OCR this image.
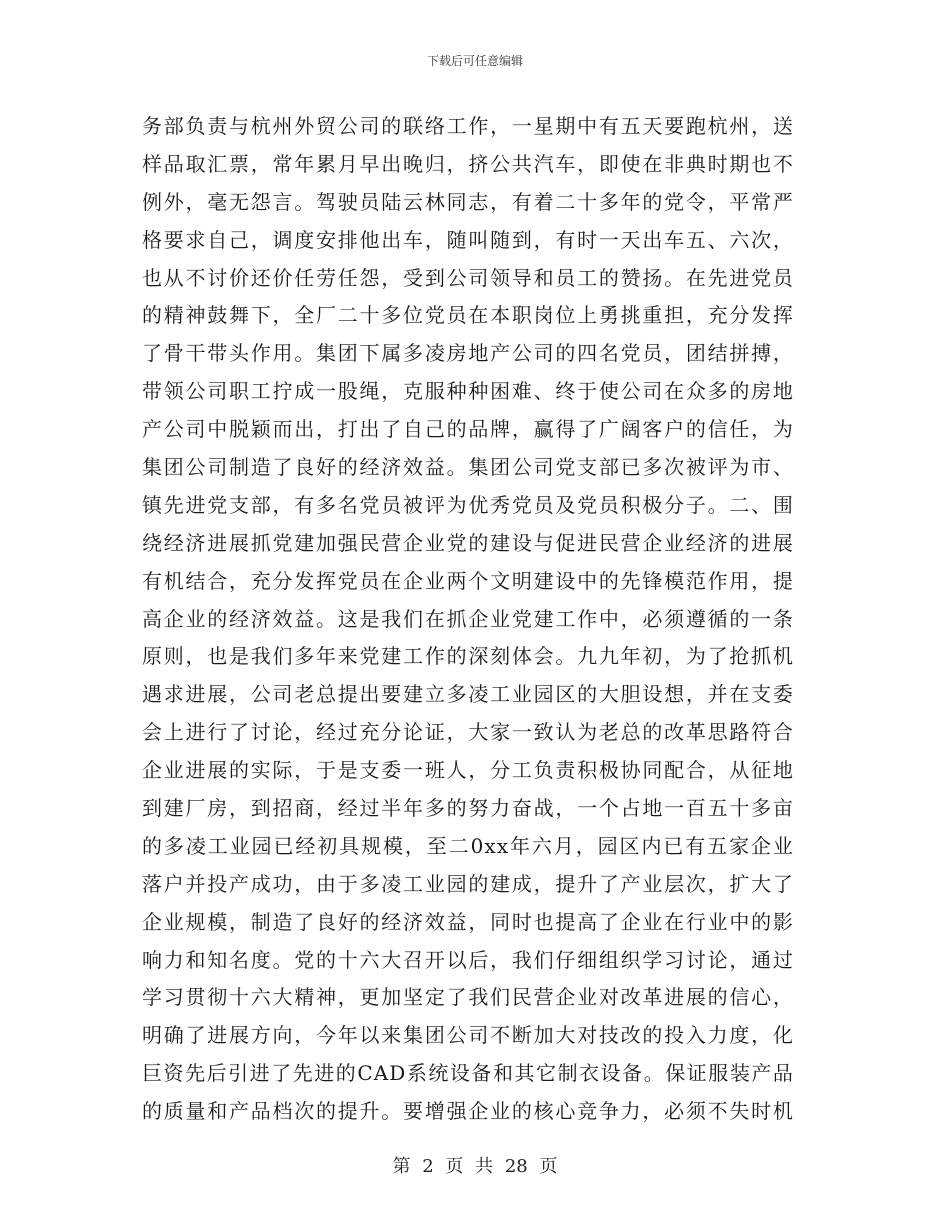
下载后可任意编辑
务部负责与杭州外贸公司的联络工作，一星期中有五天要跑杭州，送
样品取汇票，常年累月早出晚归，挤公共汽车，即使在非典时期也不
例外，毫无怨言。驾驶员陆云林同志，有着二十多年的党令，平常严
格要求自己，调度安排他出车，随叫随到，有时一天出车五、六次，
也从不讨价还价任劳任怨，受到公司领导和员工的赞扬。在先进党员
的精神鼓舞下，全厂二十多位党员在本职岗位上勇挑重担，充分发挥
了骨干带头作用。集团下属多凌房地产公司的四名党员，团结拼搏，
带领公司职工拧成一股绳，克服种种困难、终于使公司在众多的房地
产公司中脱颖而出，打出了自己的品牌，赢得了广阔客户的信任，为
集团公司制造了良好的经济效益。集团公司党支部已多次被评为市、
镇先进党支部，有多名党员被评为优秀党员及党员积极分子。二、围
绕经济进展抓党建加强民营企业党的建设与促进民营企业经济的进展
有机结合，充分发挥党员在企业两个文明建设中的先锋模范作用，提
高企业的经济效益。这是我们在抓企业党建工作中，必须遵循的一条
原则，也是我们多年来党建工作的深刻体会。九九年初，为了抢抓机
遇求进展，公司老总提出要建立多凌工业园区的大胆设想，并在支委
会上进行了讨论，经过充分论证，大家一致认为老总的改革思路符合
企业进展的实际，于是支委一班人，分工负责积极协同配合，从征地
到建厂房，到招商，经过半年多的努力奋战，一个占地一百五十多亩
的多凌工业园已经初具规模，至二0xx年六月，园区内已有五家企业
落户并投产成功，由于多凌工业园的建成，提升了产业层次，扩大了
企业规模，制造了良好的经济效益，同时也提高了企业在行业中的影
响力和知名度。党的十六大召开以后，我们仔细组织学习讨论，通过
学习贯彻十六大精神，更加坚定了我们民营企业对改革进展的信心，
明确了进展方向，今年以来集团公司不断加大对技改的投入力度，化
巨资先后引进了先进的CAD系统设备和其它制衣设备。保证服装产品
的质量和产品档次的提升。要增强企业的核心竞争力，必须不失时机
第 2 页 共 28 页
